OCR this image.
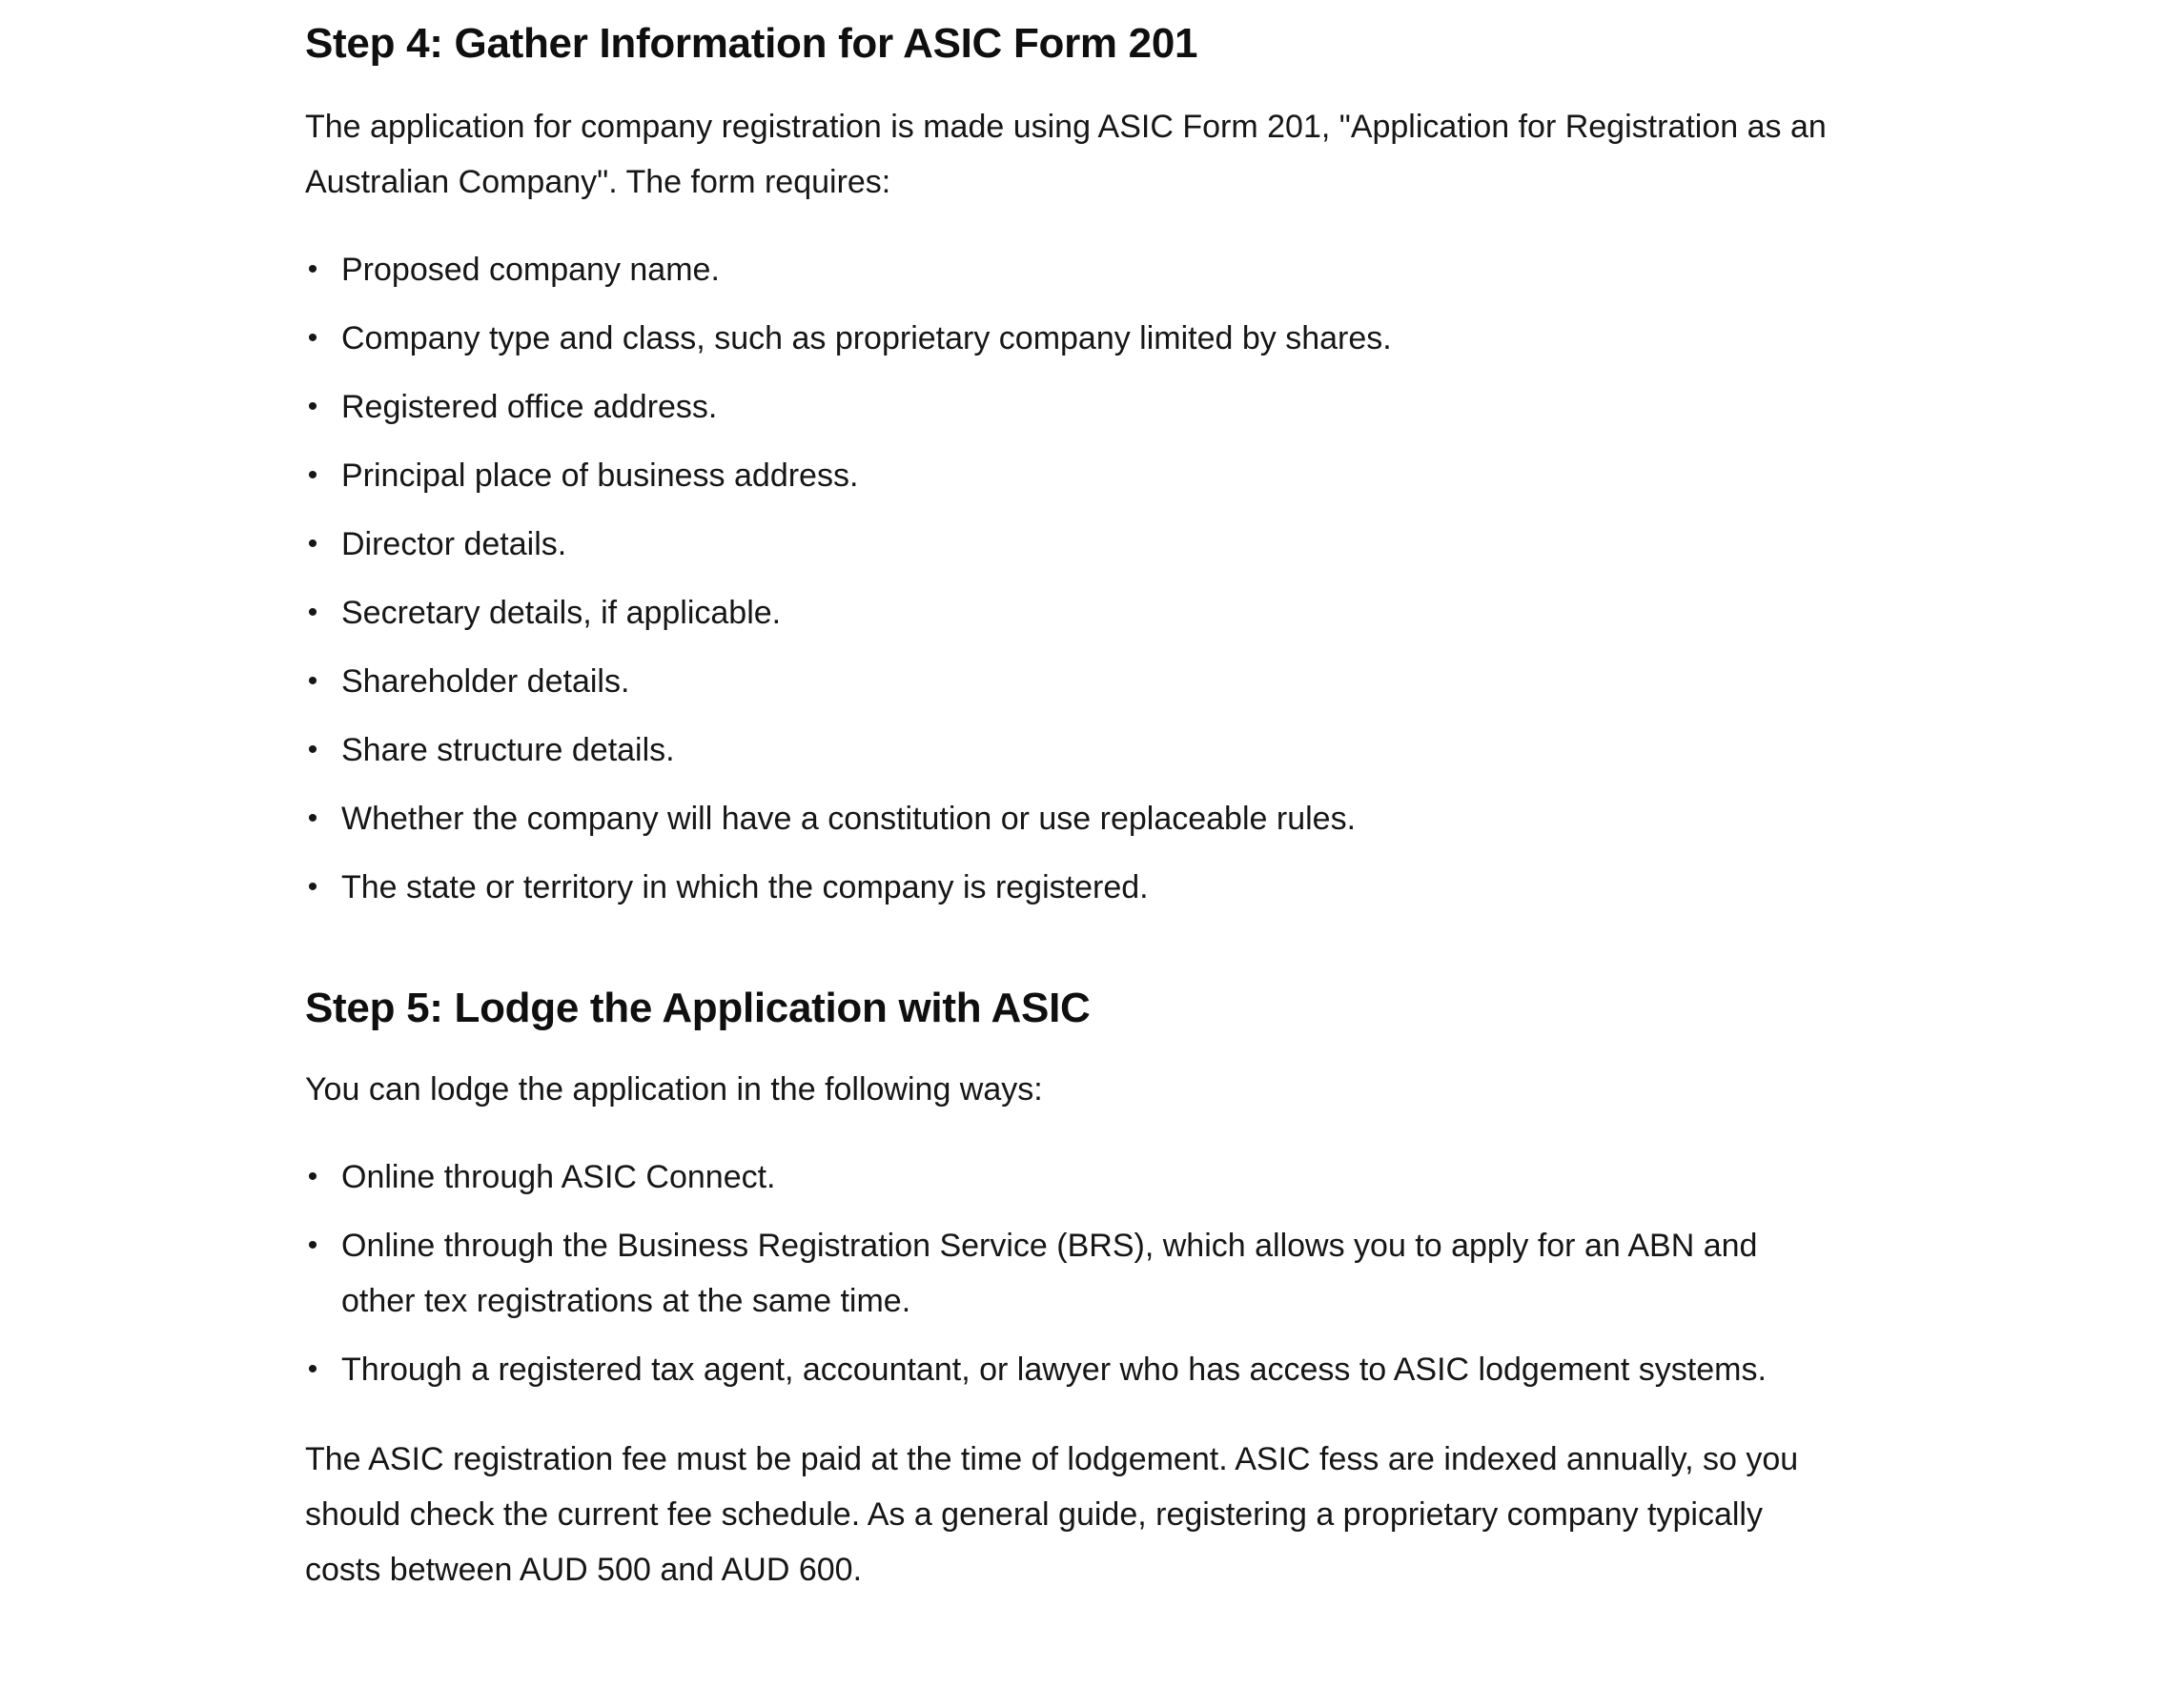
Step 4: Gather Information for ASIC Form 201

The application for company registration is made using ASIC Form 201, "Application for Registration as an Australian Company". The form requires:

• Proposed company name.
• Company type and class, such as proprietary company limited by shares.
• Registered office address.
• Principal place of business address.
• Director details.
• Secretary details, if applicable.
• Shareholder details.
• Share structure details.
• Whether the company will have a constitution or use replaceable rules.
• The state or territory in which the company is registered.
Step 5: Lodge the Application with ASIC

You can lodge the application in the following ways:

• Online through ASIC Connect.
• Online through the Business Registration Service (BRS), which allows you to apply for an ABN and other tex registrations at the same time.
• Through a registered tax agent, accountant, or lawyer who has access to ASIC lodgement systems.

The ASIC registration fee must be paid at the time of lodgement. ASIC fess are indexed annually, so you should check the current fee schedule. As a general guide, registering a proprietary company typically costs between AUD 500 and AUD 600.
